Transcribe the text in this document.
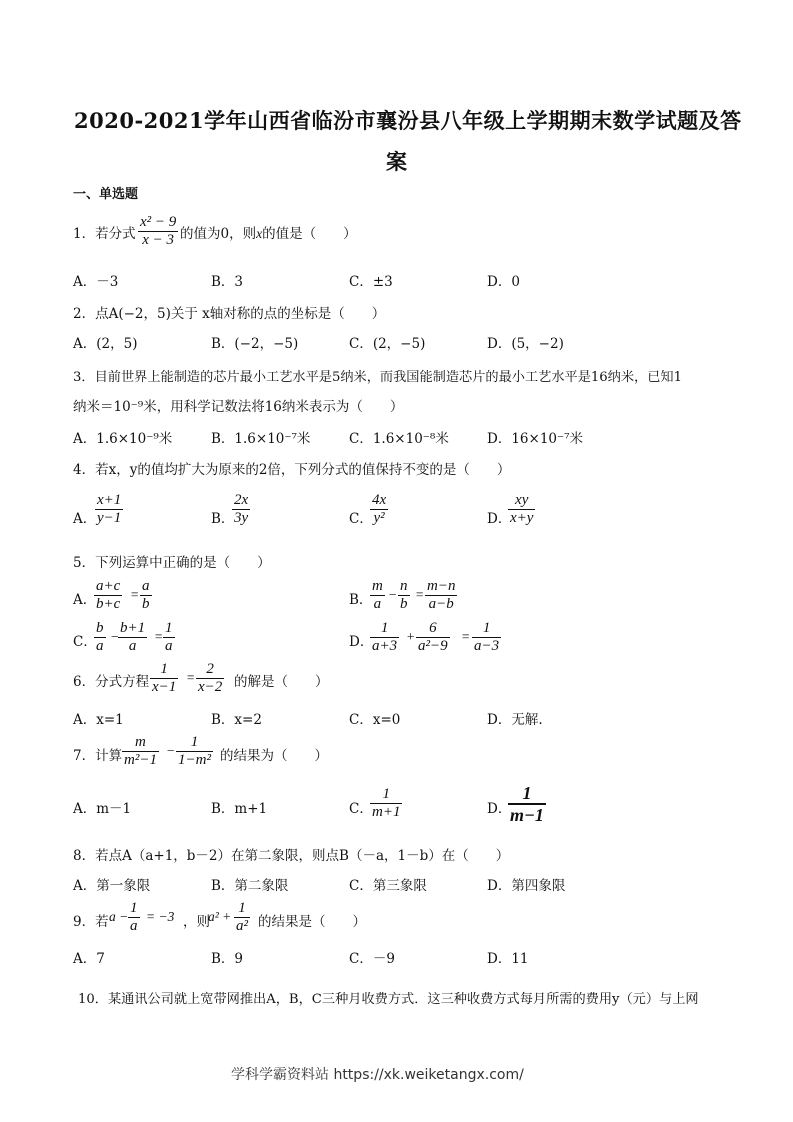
2020-2021学年山西省临汾市襄汾县八年级上学期期末数学试题及答
案
一、单选题
1．若分式 $\frac{\text{x² − 9}}{x - 3}$ 的值为0，则x的值是（　　）
A．－3	B．3	C．±3	D．0
2．点A(−2，5)关于 x轴对称的点的坐标是（　　）
A．(2，5)	B．(−2，−5)	C．(2，−5)	D．(5，−2)
3．目前世界上能制造的芯片最小工艺水平是5纳米，而我国能制造芯片的最小工艺水平是16纳米，已知1
纳米＝10⁻⁹米，用科学记数法将16纳米表示为（　　）
A．1.6×10⁻⁹米	B．1.6×10⁻⁷米	C．1.6×10⁻⁸米	D．16×10⁻⁷米
4．若x，y的值均扩大为原来的2倍，下列分式的值保持不变的是（　　）
A．
$\frac{x+1}{y-1}$	B．
$\frac{2x}{3y}$	C．
$\frac{4x}{\text{y²}}$	D．
$\frac{xy}{x+y}$
5．下列运算中正确的是（　　）
A．
$\frac{a+c}{b+c} = \frac{a}{b}$	B．
$\frac{m}{a} - \frac{n}{b} = \frac{m-n}{a-b}$
C．
$\frac{b}{a}$ −
$\frac{b+1}{a} = \frac{1}{a}$	D．
$\frac{1}{a+3} + \frac{6}{\text{a²−9}} = \frac{1}{a-3}$
6．分式方程 $\frac{1}{x-1} = \frac{2}{x-2}$ 的解是（　　）
A．x=1	B．x=2	C．x=0	D．无解.
7．计算 $\frac{m}{\text{m²−1}} - \frac{1}{\text{1−m²}}$ 的结果为（　　）
A．m－1	B．m+1	C．
$\frac{1}{m+1}$	D．
$\frac{1}{m-1}$
8．若点A（a+1，b－2）在第二象限，则点B（－a，1－b）在（　　）
A．第一象限	B．第二象限	C．第三象限	D．第四象限
9．若 $a - \frac{1}{a} = -3$ ，则
$a^2 + \frac{1}{\text{a²}}$ 的结果是（　　）
A．7	B．9	C．－9	D．11
10．某通讯公司就上宽带网推出A，B，C三种月收费方式．这三种收费方式每月所需的费用y（元）与上网
学科学霸资料站 https://xk.weiketangx.com/
